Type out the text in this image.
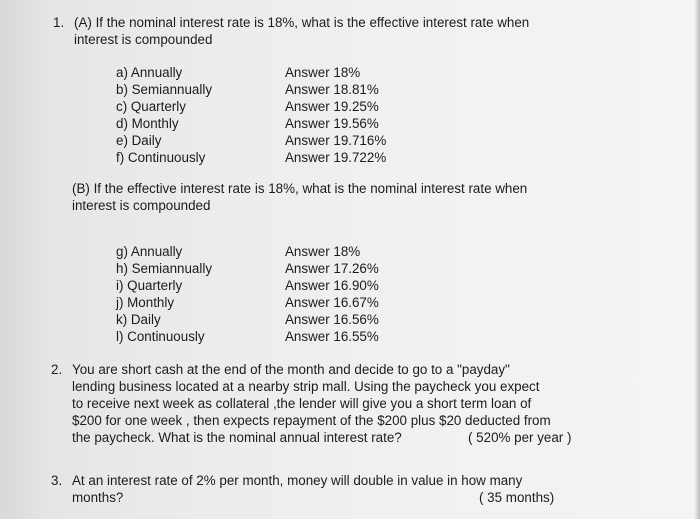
1. (A) If the nominal interest rate is 18%, what is the effective interest rate when
interest is compounded
a) Annually	Answer 18%
b) Semiannually	Answer 18.81%
c) Quarterly	Answer 19.25%
d) Monthly	Answer 19.56%
e) Daily	Answer 19.716%
f) Continuously	Answer 19.722%
(B) If the effective interest rate is 18%, what is the nominal interest rate when
interest is compounded
g) Annually	Answer 18%
h) Semiannually	Answer 17.26%
i) Quarterly	Answer 16.90%
j) Monthly	Answer 16.67%
k) Daily	Answer 16.56%
l) Continuously	Answer 16.55%
2. You are short cash at the end of the month and decide to go to a "payday"
lending business located at a nearby strip mall. Using the paycheck you expect
to receive next week as collateral ,the lender will give you a short term loan of
$200 for one week , then expects repayment of the $200 plus $20 deducted from
the paycheck. What is the nominal annual interest rate?	( 520% per year )
3. At an interest rate of 2% per month, money will double in value in how many
months?	( 35 months)
